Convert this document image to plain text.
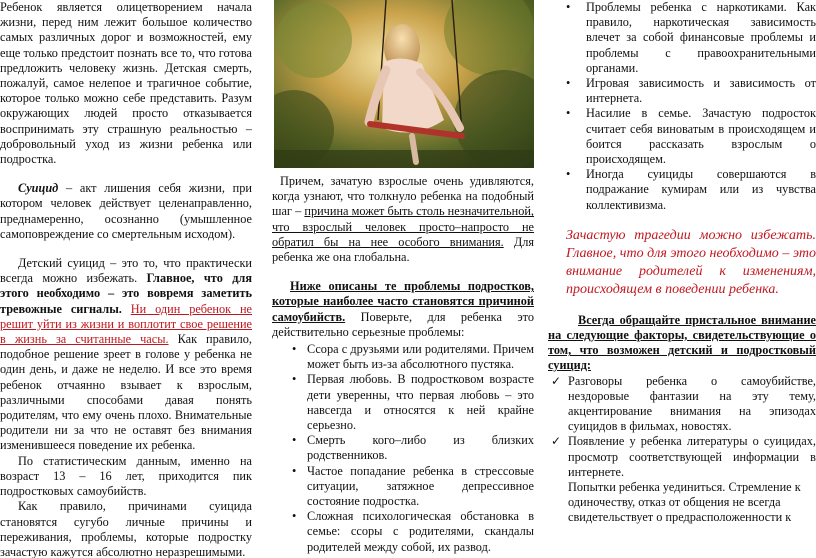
Ребенок является олицетворением начала жизни, перед ним лежит большое количество самых различных дорог и возможностей, ему еще только предстоит познать все то, что готова предложить человеку жизнь. Детская смерть, пожалуй, самое нелепое и трагичное событие, которое только можно себе представить. Разум окружающих людей просто отказывается воспринимать эту страшную реальностью – добровольный уход из жизни ребенка или подростка.

Суицид – акт лишения себя жизни, при котором человек действует целенаправленно, преднамеренно, осознанно (умышленное самоповреждение со смертельным исходом).

Детский суицид – это то, что практически всегда можно избежать. Главное, что для этого необходимо – это вовремя заметить тревожные сигналы. Ни один ребенок не решит уйти из жизни и воплотит свое решение в жизнь за считанные часы. Как правило, подобное решение зреет в голове у ребенка не один день, и даже не неделю. И все это время ребенок отчаянно взывает к взрослым, различными способами давая понять родителям, что ему очень плохо. Внимательные родители ни за что не оставят без внимания изменившееся поведение их ребенка.

По статистическим данным, именно на возраст 13 – 16 лет, приходится пик подростковых самоубийств.

Как правило, причинами суицида становятся сугубо личные причины и переживания, проблемы, которые подростку зачастую кажутся абсолютно неразрешимыми.

Причем, зачатую взрослые очень удивляются, когда узнают, что толкнуло ребенка на подобный шаг – причина может быть столь незначительной, что взрослый человек просто–напросто не обратил бы на нее особого внимания. Для ребенка же она глобальна.

Ниже описаны те проблемы подростков, которые наиболее часто становятся причиной самоубийств. Поверьте, для ребенка это действительно серьезные проблемы:

• Ссора с друзьями или родителями. Причем может быть из-за абсолютного пустяка.
• Первая любовь. В подростковом возрасте дети уверенны, что первая любовь – это навсегда и относятся к ней крайне серьезно.
• Смерть кого–либо из близких родственников.
• Частое попадание ребенка в стрессовые ситуации, затяжное депрессивное состояние подростка.
• Сложная психологическая обстановка в семье: ссоры с родителями, скандалы родителей между собой, их развод.
• Проблемы ребенка с наркотиками. Как правило, наркотическая зависимость влечет за собой финансовые проблемы и проблемы с правоохранительными органами.
• Игровая зависимость и зависимость от интернета.
• Насилие в семье. Зачастую подросток считает себя виноватым в происходящем и боится рассказать взрослым о происходящем.
• Иногда суициды совершаются в подражание кумирам или из чувства коллективизма.

Зачастую трагедии можно избежать. Главное, что для этого необходимо – это внимание родителей к изменениям, происходящем в поведении ребенка.

Всегда обращайте пристальное внимание на следующие факторы, свидетельствующие о том, что возможен детский и подростковый суицид:

✓ Разговоры ребенка о самоубийстве, нездоровые фантазии на эту тему, акцентирование внимания на эпизодах суицидов в фильмах, новостях.
✓ Появление у ребенка литературы о суицидах, просмотр соответствующей информации в интернете.

Попытки ребенка уединиться. Стремление к одиночеству, отказ от общения не всегда свидетельствует о предрасположенности к
